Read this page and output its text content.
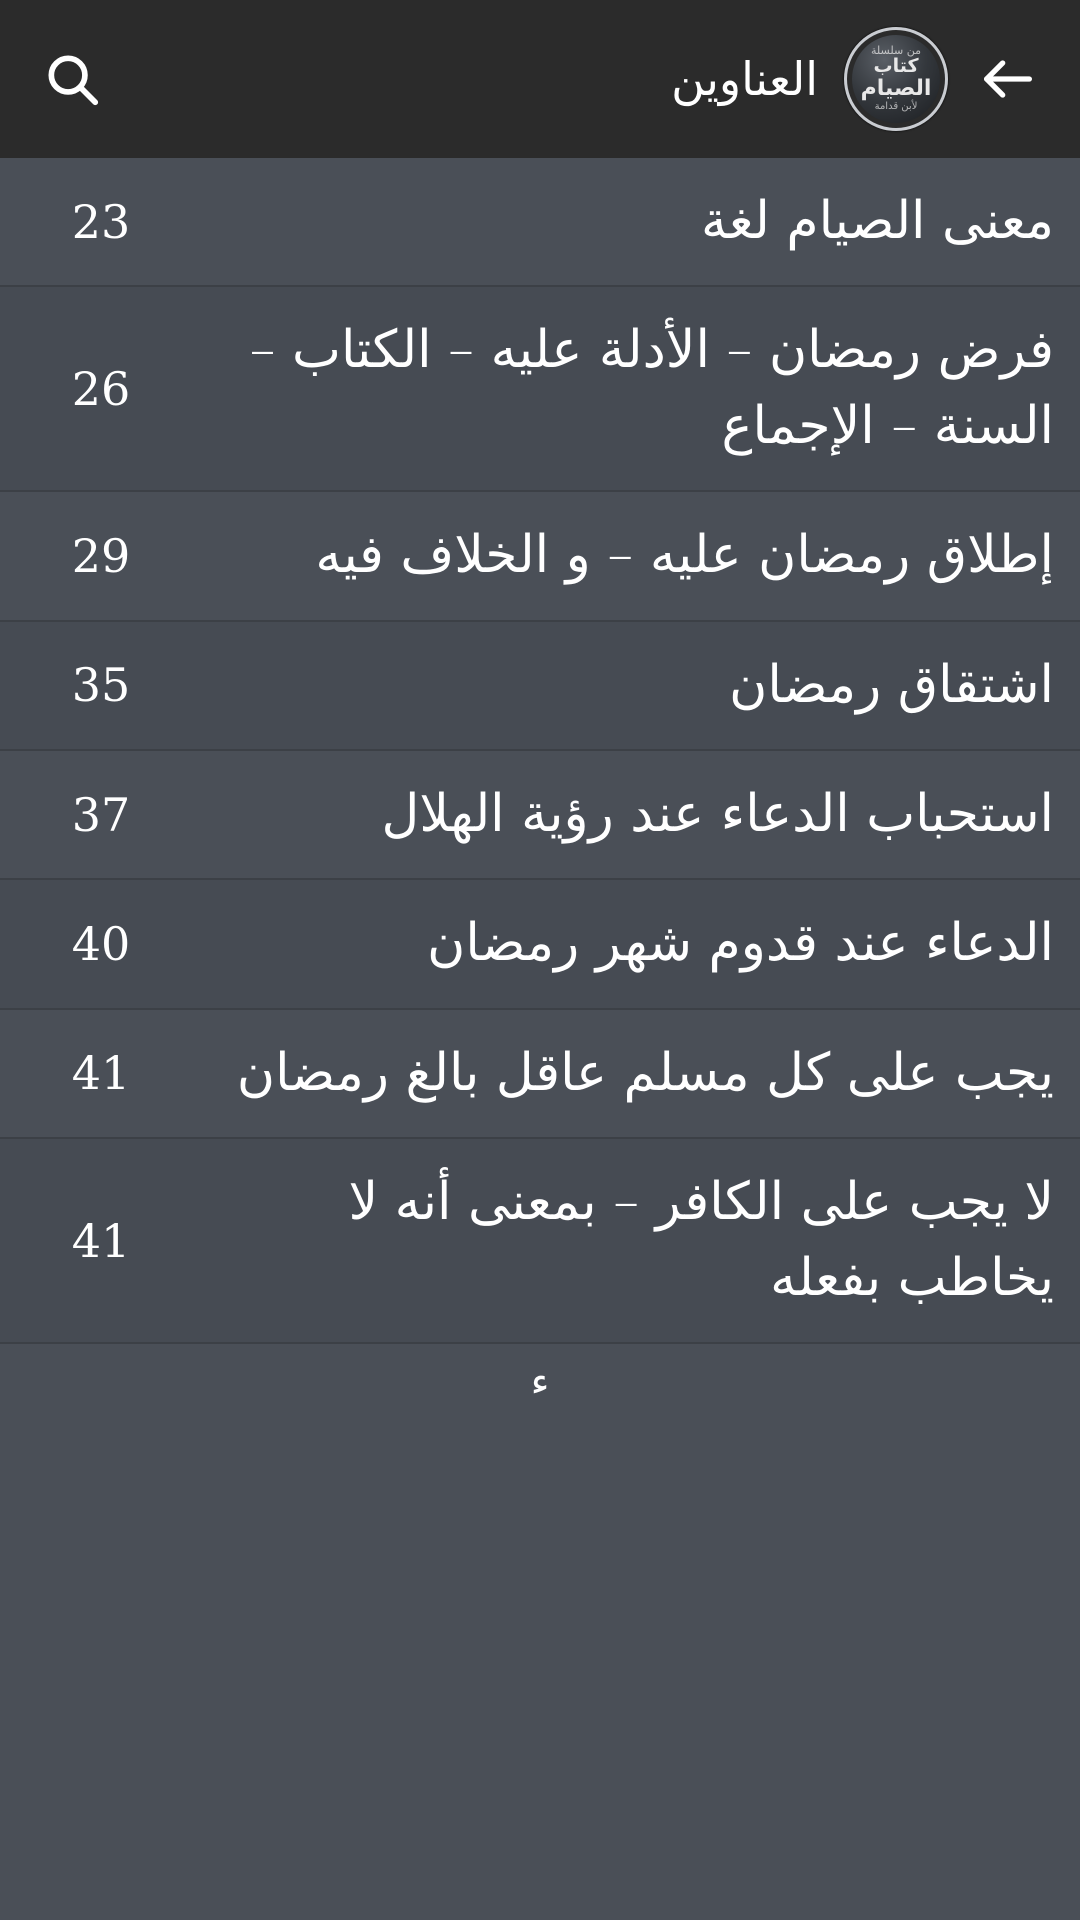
من سلسلة
كتاب
الصيام
لأبن قدامة
العناوين
معنى الصيام لغة
23
فرض رمضان – الأدلة عليه – الكتاب – السنة – الإجماع
26
إطلاق رمضان عليه – و الخلاف فيه
29
اشتقاق رمضان
35
استحباب الدعاء عند رؤية الهلال
37
الدعاء عند قدوم شهر رمضان
40
يجب على كل مسلم عاقل بالغ رمضان
41
لا يجب على الكافر – بمعنى أنه لا يخاطب بفعله
41
ء
